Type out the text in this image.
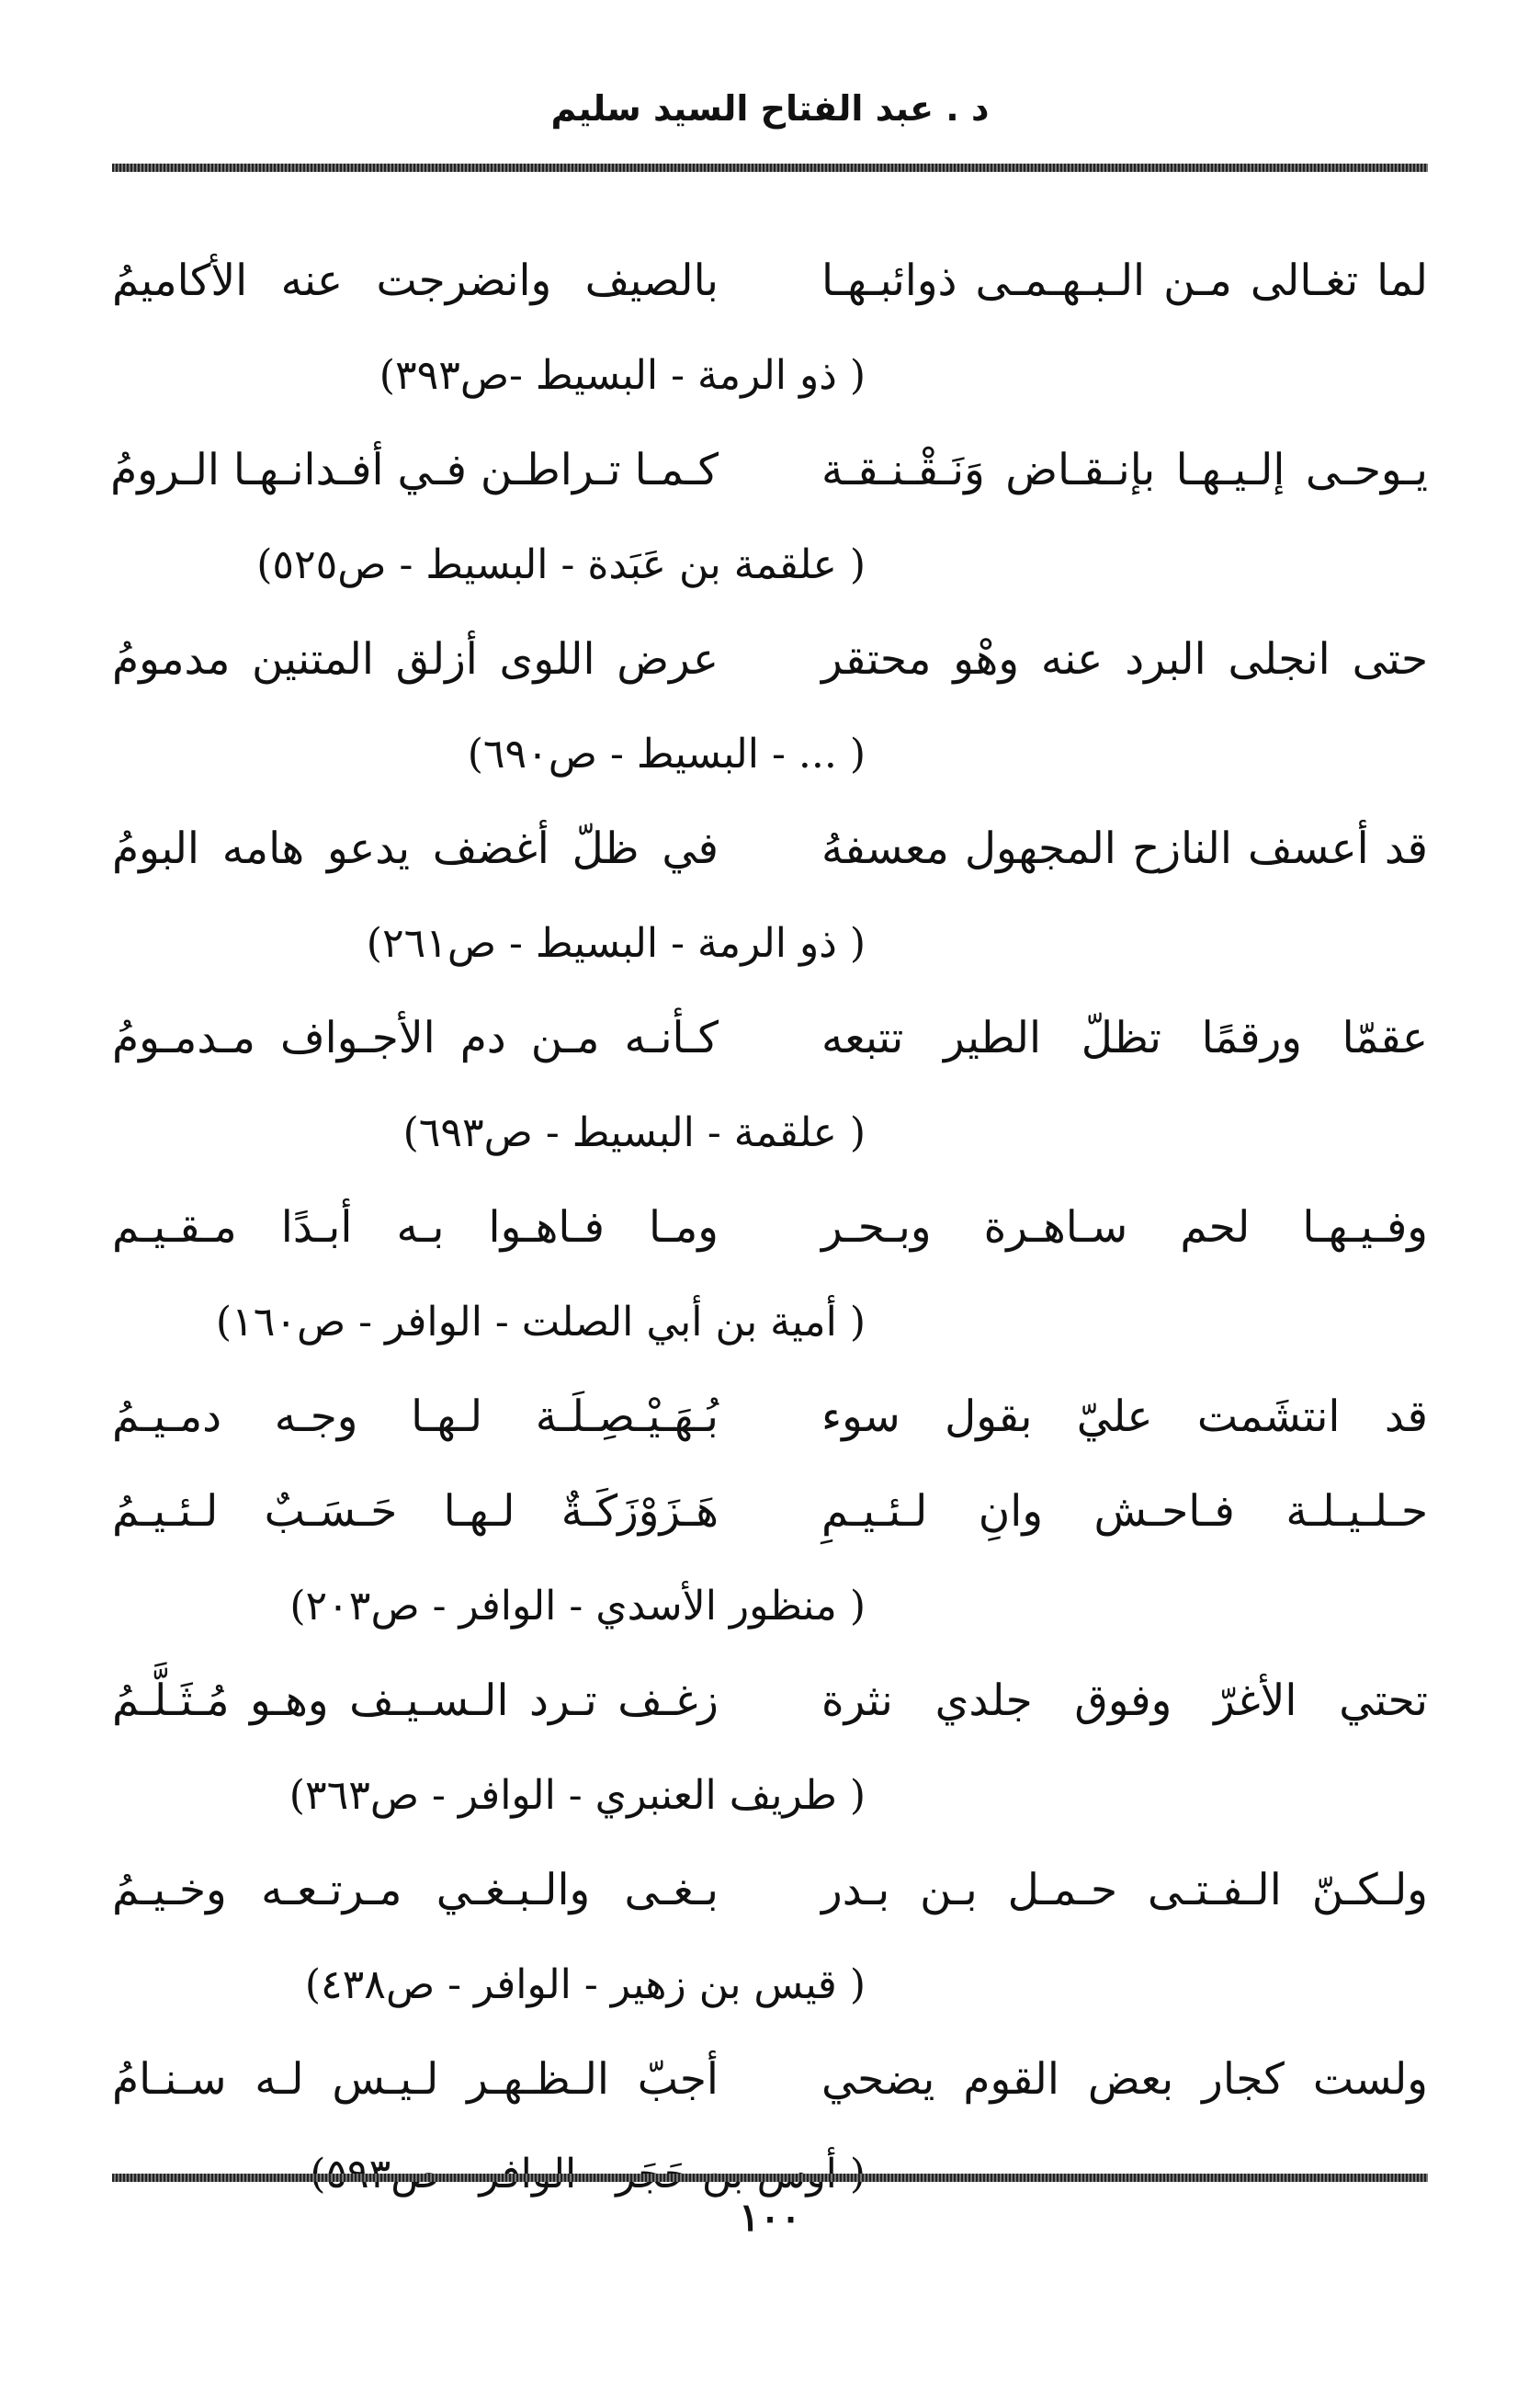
د . عبد الفتاح السيد سليم
لما تغـالى مـن الـبـهـمـى ذوائبـهـا
بالصيف وانضرجت عنه الأكاميمُ
( ذو الرمة - البسيط -ص٣٩٣)
يـوحـى إلـيـهـا بإنـقـاض وَنَـقْـنـقـة
كـمـا تـراطـن فـي أفـدانـهـا الـرومُ
( علقمة بن عَبَدة - البسيط - ص٥٢٥)
حتى انجلى البرد عنه وهْو محتقر
عرض اللوى أزلق المتنين مدمومُ
( ... - البسيط - ص٦٩٠)
قد أعسف النازح المجهول معسفهُ
في ظلّ أغضف يدعو هامه البومُ
( ذو الرمة - البسيط - ص٢٦١)
عقمّا ورقمًا تظلّ الطير تتبعه
كـأنـه مـن دم الأجـواف مـدمـومُ
( علقمة - البسيط - ص٦٩٣)
وفـيـهـا لحم سـاهـرة وبـحـر
ومـا فـاهـوا بـه أبـدًا مـقـيـم
( أمية بن أبي الصلت - الوافر - ص١٦٠)
قد انتشَمت عليّ بقول سوء
بُـهَـيْـصِـلَـة لـهـا وجـه دمـيـمُ
حـلـيـلـة فـاحـش وانِ لـئـيـمِ
هَـزَوْزَكَـةٌ لـهـا حَـسَـبٌ لـئـيـمُ
( منظور الأسدي - الوافر - ص٢٠٣)
تحتي الأغرّ وفوق جلدي نثرة
زغـف تـرد الـسـيـف وهـو مُـثَـلَّـمُ
( طريف العنبري - الوافر - ص٣٦٣)
ولـكـنّ الـفـتـى حـمـل بـن بـدر
بـغـى والـبـغـي مـرتـعـه وخـيـمُ
( قيس بن زهير - الوافر - ص٤٣٨)
ولست كجار بعض القوم يضحي
أجبّ الـظـهـر لـيـس لـه سـنـامُ
١٠٠
